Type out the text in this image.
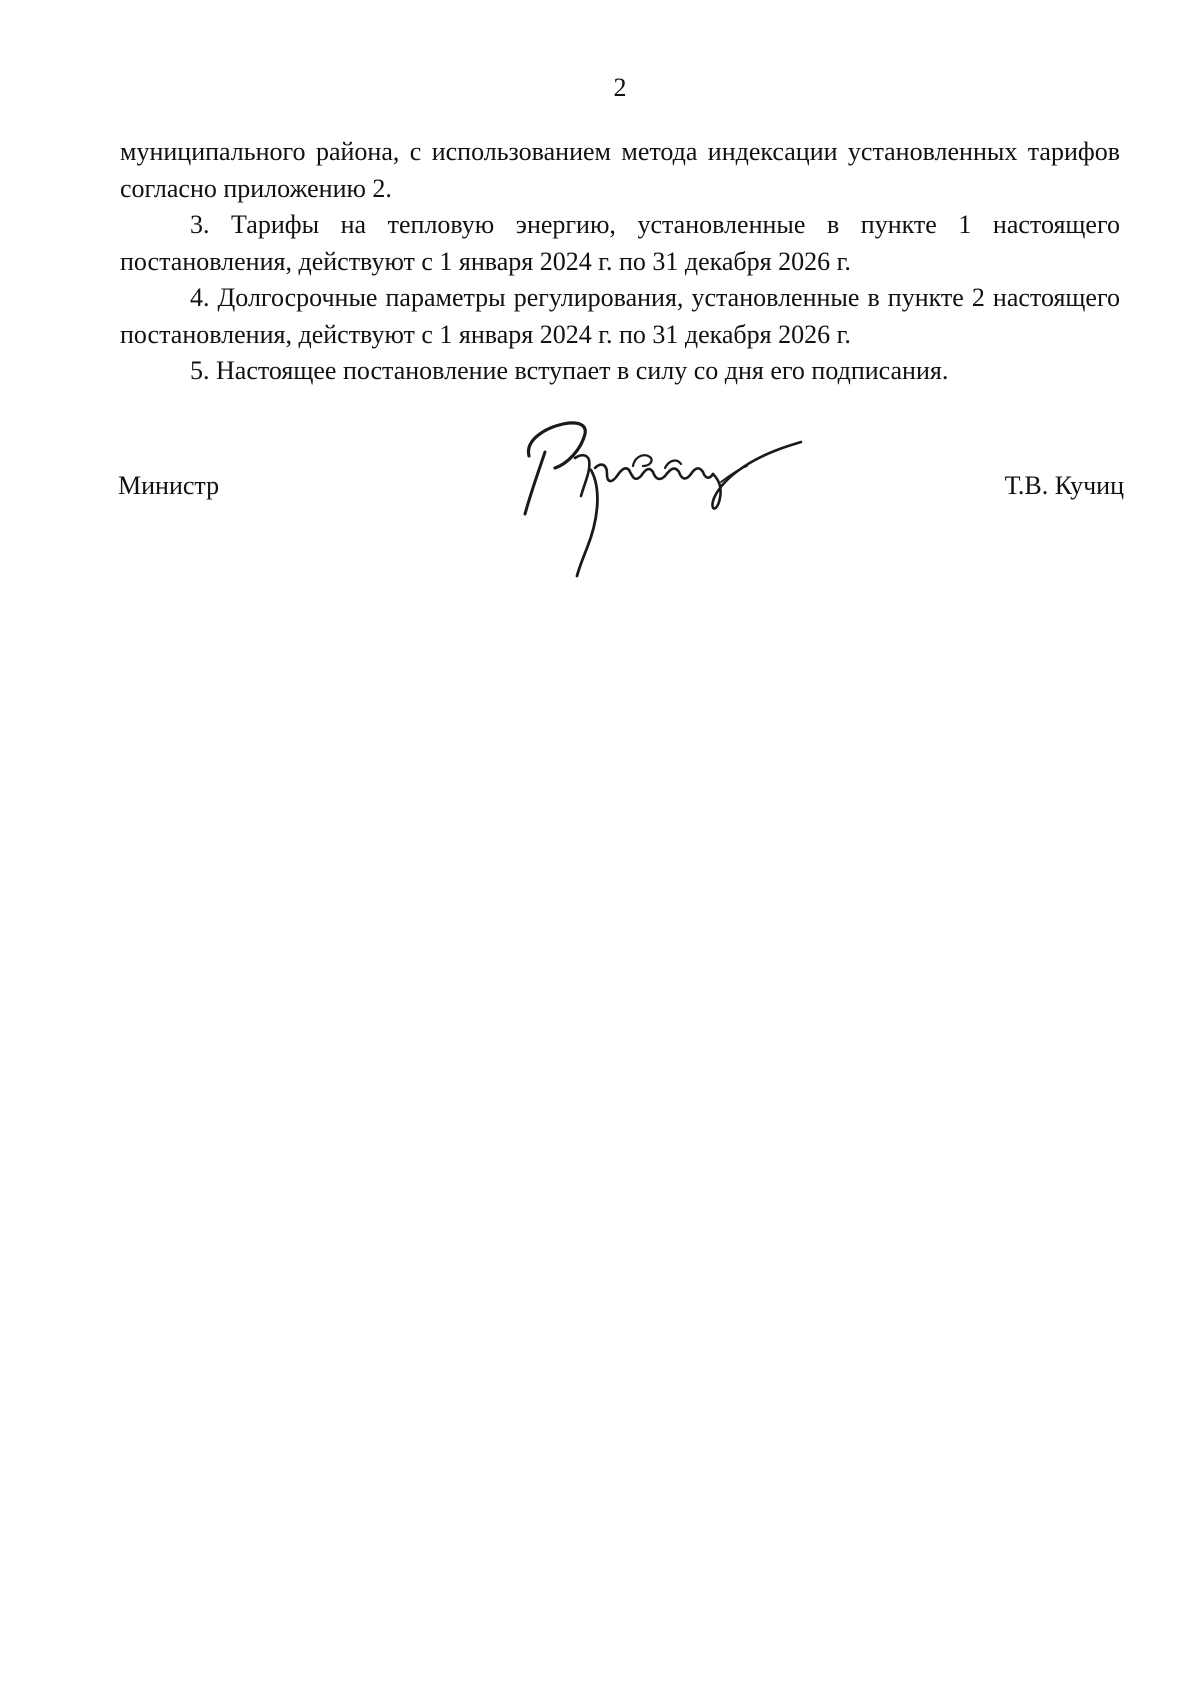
2

муниципального района, с использованием метода индексации установленных тарифов согласно приложению 2.

3. Тарифы на тепловую энергию, установленные в пункте 1 настоящего постановления, действуют с 1 января 2024 г. по 31 декабря 2026 г.

4. Долгосрочные параметры регулирования, установленные в пункте 2 настоящего постановления, действуют с 1 января 2024 г. по 31 декабря 2026 г.

5. Настоящее постановление вступает в силу со дня его подписания.

Министр	Т.В. Кучиц
